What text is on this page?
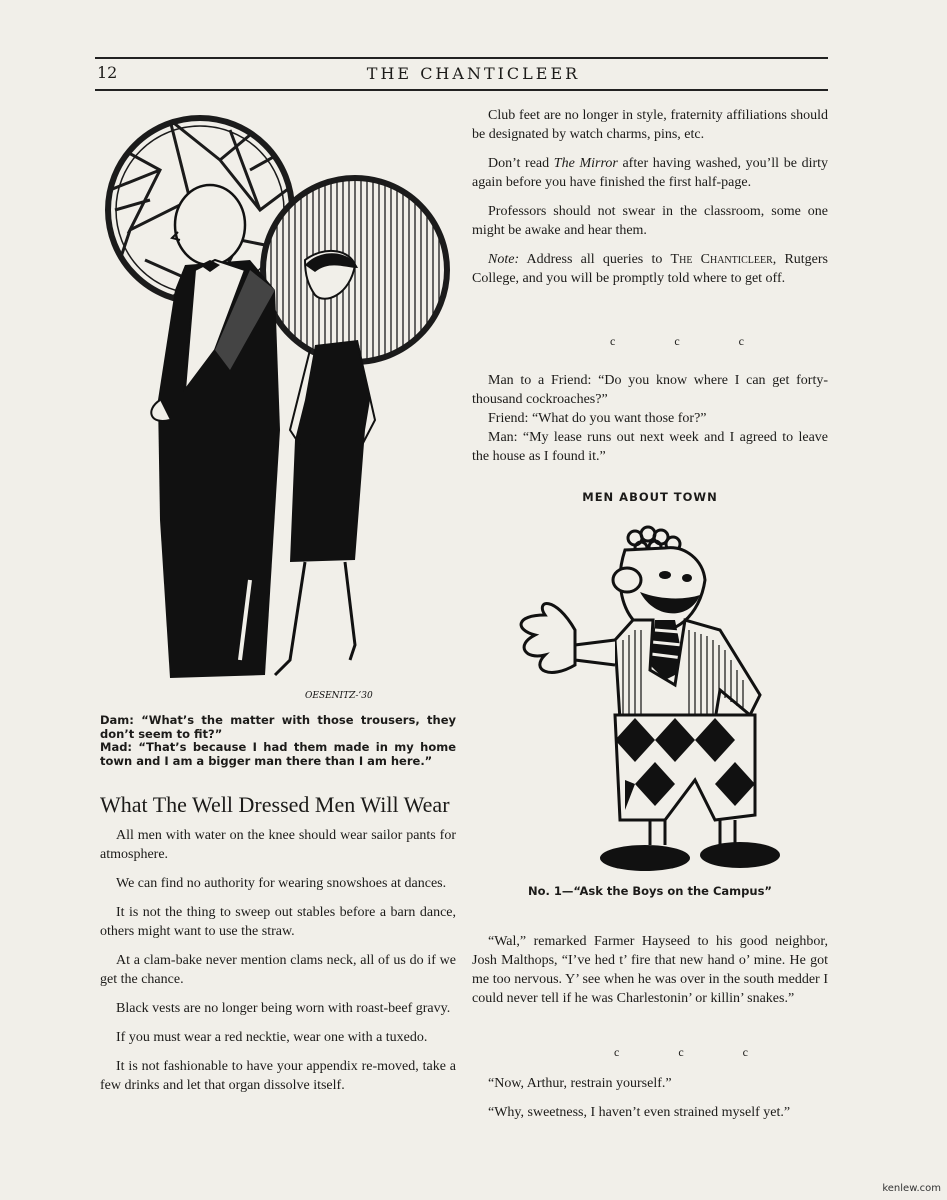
12	THE CHANTICLEER
OESENITZ-’30

Dam: “What’s the matter with those trousers, they don’t seem to fit?”

Mad: “That’s because I had them made in my home town and I am a bigger man there than I am here.”

What The Well Dressed Men Will Wear

All men with water on the knee should wear sailor pants for atmosphere.

We can find no authority for wearing snowshoes at dances.

It is not the thing to sweep out stables before a barn dance, others might want to use the straw.

At a clam-bake never mention clams neck, all of us do if we get the chance.

Black vests are no longer being worn with roast-beef gravy.

If you must wear a red necktie, wear one with a tuxedo.

It is not fashionable to have your appendix re-moved, take a few drinks and let that organ dissolve itself.

Club feet are no longer in style, fraternity affiliations should be designated by watch charms, pins, etc.

Don’t read The Mirror after having washed, you’ll be dirty again before you have finished the first half-page.

Professors should not swear in the classroom, some one might be awake and hear them.

Note: Address all queries to The Chanticleer, Rutgers College, and you will be promptly told where to get off.

c c c

Man to a Friend: “Do you know where I can get forty-thousand cockroaches?”

Friend: “What do you want those for?”

Man: “My lease runs out next week and I agreed to leave the house as I found it.”

MEN ABOUT TOWN
No. 1—“Ask the Boys on the Campus”

“Wal,” remarked Farmer Hayseed to his good neighbor, Josh Malthops, “I’ve hed t’ fire that new hand o’ mine. He got me too nervous. Y’ see when he was over in the south medder I could never tell if he was Charlestonin’ or killin’ snakes.”

c c c

“Now, Arthur, restrain yourself.”

“Why, sweetness, I haven’t even strained myself yet.”

kenlew.com
